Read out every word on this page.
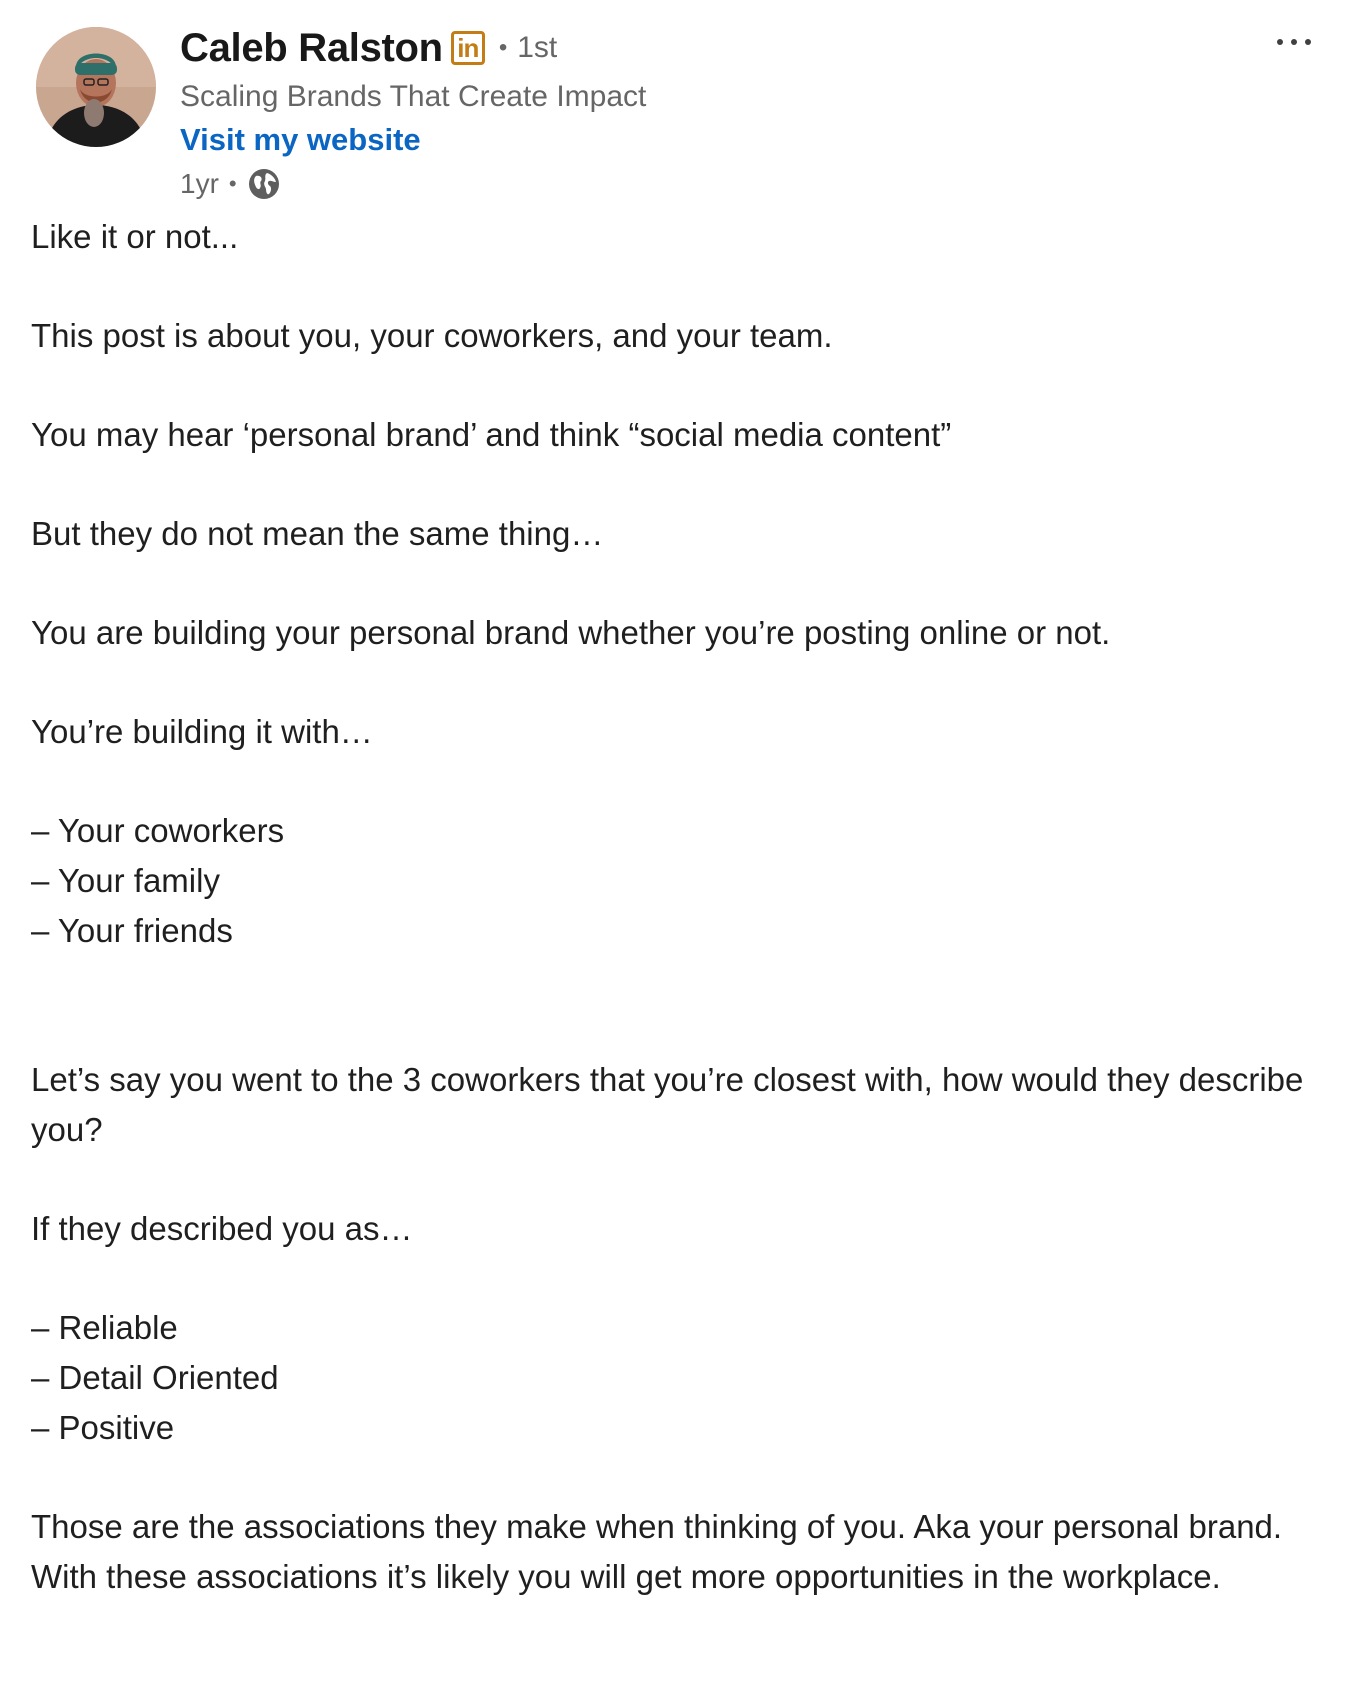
Caleb Ralston in • 1st
Scaling Brands That Create Impact
Visit my website
1yr •
Like it or not...
This post is about you, your coworkers, and your team.
You may hear ‘personal brand’ and think “social media content”
But they do not mean the same thing…
You are building your personal brand whether you’re posting online or not.
You’re building it with…
– Your coworkers
– Your family
– Your friends
Let’s say you went to the 3 coworkers that you’re closest with, how would they describe you?
If they described you as…
– Reliable
– Detail Oriented
– Positive
Those are the associations they make when thinking of you. Aka your personal brand. With these associations it’s likely you will get more opportunities in the workplace.
